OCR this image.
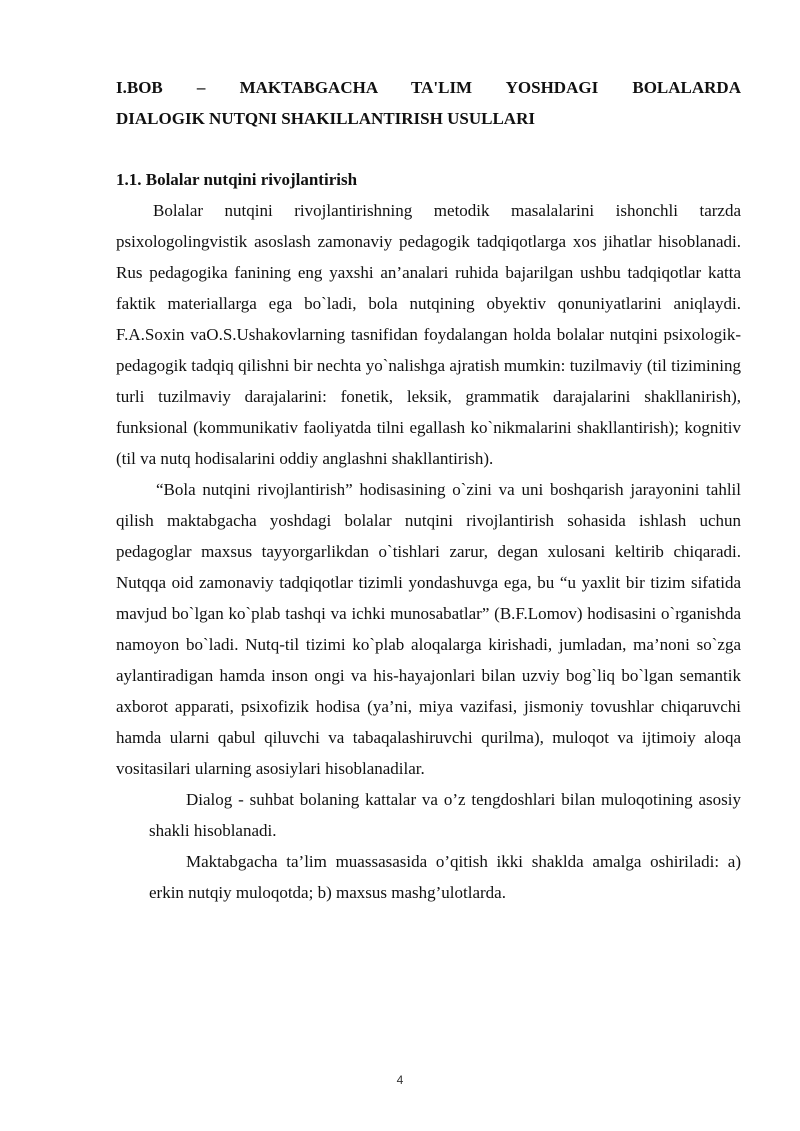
I.BOB – MAKTABGACHA TA'LIM YOSHDAGI BOLALARDA
DIALOGIK NUTQNI SHAKILLANTIRISH USULLARI
1.1. Bolalar nutqini rivojlantirish

Bolalar nutqini rivojlantirishning metodik masalalarini ishonchli tarzda psixologolingvistik asoslash zamonaviy pedagogik tadqiqotlarga xos jihatlar hisoblanadi. Rus pedagogika fanining eng yaxshi an’analari ruhida bajarilgan ushbu tadqiqotlar katta faktik materiallarga ega bo`ladi, bola nutqining obyektiv qonuniyatlarini aniqlaydi. F.A.Soxin vaO.S.Ushakovlarning tasnifidan foydalangan holda bolalar nutqini psixologik-pedagogik tadqiq qilishni bir nechta yo`nalishga ajratish mumkin: tuzilmaviy (til tizimining turli tuzilmaviy darajalarini: fonetik, leksik, grammatik darajalarini shakllanirish), funksional (kommunikativ faoliyatda tilni egallash ko`nikmalarini shakllantirish); kognitiv (til va nutq hodisalarini oddiy anglashni shakllantirish).

“Bola nutqini rivojlantirish” hodisasining o`zini va uni boshqarish jarayonini tahlil qilish maktabgacha yoshdagi bolalar nutqini rivojlantirish sohasida ishlash uchun pedagoglar maxsus tayyorgarlikdan o`tishlari zarur, degan xulosani keltirib chiqaradi. Nutqqa oid zamonaviy tadqiqotlar tizimli yondashuvga ega, bu “u yaxlit bir tizim sifatida mavjud bo`lgan ko`plab tashqi va ichki munosabatlar” (B.F.Lomov) hodisasini o`rganishda namoyon bo`ladi. Nutq-til tizimi ko`plab aloqalarga kirishadi, jumladan, ma’noni so`zga aylantiradigan hamda inson ongi va his-hayajonlari bilan uzviy bog`liq bo`lgan semantik axborot apparati, psixofizik hodisa (ya’ni, miya vazifasi, jismoniy tovushlar chiqaruvchi hamda ularni qabul qiluvchi va tabaqalashiruvchi qurilma), muloqot va ijtimoiy aloqa vositasilari ularning asosiylari hisoblanadilar.

Dialog - suhbat bolaning kattalar va o’z tengdoshlari bilan muloqotining asosiy shakli hisoblanadi.

Maktabgacha ta’lim muassasasida o’qitish ikki shaklda amalga oshiriladi: a) erkin nutqiy muloqotda; b) maxsus mashg’ulotlarda.

4
